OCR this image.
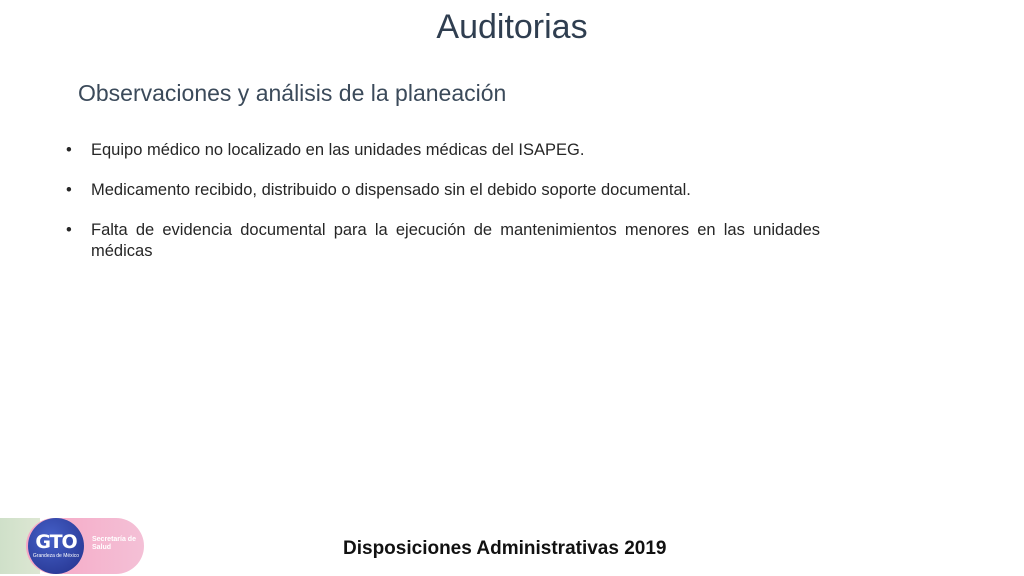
Auditorias
Observaciones y análisis de la planeación
•	Equipo médico no localizado en las unidades médicas del ISAPEG.
•	Medicamento recibido, distribuido o dispensado sin el debido soporte documental.
•	Falta de evidencia documental para la ejecución de mantenimientos menores en las unidades médicas
GTO
Grandeza de México
Secretaría de Salud	Disposiciones Administrativas 2019
